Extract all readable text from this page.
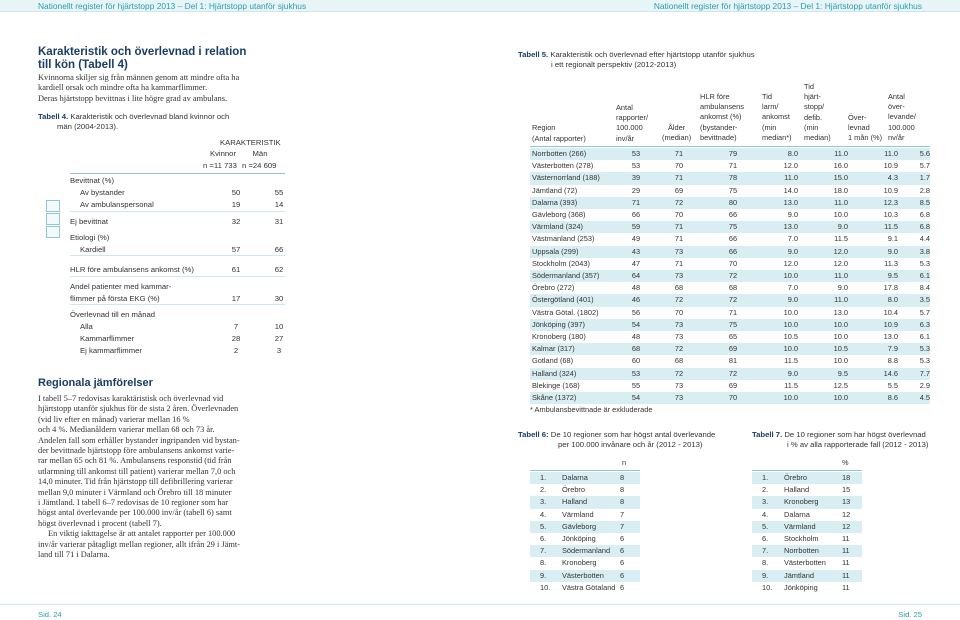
Nationellt register för hjärtstopp 2013 – Del 1: Hjärtstopp utanför sjukhus	Nationellt register för hjärtstopp 2013 – Del 1: Hjärtstopp utanför sjukhus
Karakteristik och överlevnad i relation till kön (Tabell 4)
Kvinnorna skiljer sig från männen genom att mindre ofta ha
kardiell orsak och mindre ofta ha kammarflimmer.
Deras hjärtstopp bevittnas i lite högre grad av ambulans.
Tabell 4. Karakteristik och överlevnad bland kvinnor och
män (2004-2013).
KARAKTERISTIK
Kvinnor	Män
n =11 733 n =24 609
Bevittnat (%)
Av bystander	50	55
Av ambulanspersonal	19	14
Ej bevittnat	32	31
Etiologi (%)
Kardiell	57	66
HLR före ambulansens ankomst (%)	61	62
Andel patienter med kammar-
flimmer på första EKG (%)	17	30
Överlevnad till en månad
Alla	7	10
Kammarflimmer	28	27
Ej kammarflimmer	2	3
Regionala jämförelser
I tabell 5–7 redovisas karaktäristisk och överlevnad vid
hjärtstopp utanför sjukhus för de sista 2 åren. Överlevnaden
(vid liv efter en månad) varierar mellan 16 %
och 4 %. Medianåldern varierar mellan 68 och 73 år.
Andelen fall som erhåller bystander ingripanden vid bystan-
der bevittnade hjärtstopp före ambulansens ankomst varie-
rar mellan 65 och 81 %. Ambulansens responstid (tid från
utlarmning till ankomst till patient) varierar mellan 7,0 och
14,0 minuter. Tid från hjärtstopp till defibrillering varierar
mellan 9,0 minuter i Värmland och Örebro till 18 minuter
i Jämtland. I tabell 6–7 redovisas de 10 regioner som har
högst antal överlevande per 100.000 inv/år (tabell 6) samt
högst överlevnad i procent (tabell 7).
En viktig iakttagelse är att antalet rapporter per 100.000
inv/år varierar påtagligt mellan regioner, allt ifrån 29 i Jämt-
land till 71 i Dalarna.
Tabell 5. Karakteristik och överlevnad efter hjärtstopp utanför sjukhus
i ett regionalt perspektiv (2012-2013)
Region
(Antal rapporter)
Antal
rapporter/
100.000
inv/år
Ålder
(median)
HLR före
ambulansens
ankomst (%)
(bystander-
bevittnade)
Tid
larm/
ankomst
(min
median*)
Tid
hjärt-
stopp/
defib.
(min
median)
Över-
levnad
1 mån (%)
Antal
över-
levande/
100.000
nv/år
Norrbotten (266)	53	71	79	8.0	11.0	11.0	5.6
Västerbotten (278)	53	70	71	12.0	16.0	10.9	5.7
Västernorrland (188)	39	71	78	11.0	15.0	4.3	1.7
Jämtland (72)	29	69	75	14.0	18.0	10.9	2.8
Dalarna (393)	71	72	80	13.0	11.0	12.3	8.5
Gävleborg (368)	66	70	66	9.0	10.0	10.3	6.8
Värmland (324)	59	71	75	13.0	9.0	11.5	6.8
Västmanland (253)	49	71	66	7.0	11.5	9.1	4.4
Uppsala (299)	43	73	66	9.0	12.0	9.0	3.8
Stockholm (2043)	47	71	70	12.0	12.0	11.3	5.3
Södermanland (357)	64	73	72	10.0	11.0	9.5	6.1
Örebro (272)	48	68	68	7.0	9.0	17.8	8.4
Östergötland (401)	46	72	72	9.0	11.0	8.0	3.5
Västra Götal. (1802)	56	70	71	10.0	13.0	10.4	5.7
Jönköping (397)	54	73	75	10.0	10.0	10.9	6.3
Kronoberg (180)	48	73	65	10.5	10.0	13.0	6.1
Kalmar (317)	68	72	69	10.0	10.5	7.9	5.3
Gotland (68)	60	68	81	11.5	10.0	8.8	5.3
Halland (324)	53	72	72	9.0	9.5	14.6	7.7
Blekinge (168)	55	73	69	11.5	12.5	5.5	2.9
Skåne (1372)	54	73	70	10.0	10.0	8.6	4.5
* Ambulansbevittnade är exkluderade
Tabell 6: De 10 regioner som har högst antal överlevande
per 100.000 invånare och år (2012 - 2013)
n
1. Dalarna	8
2. Örebro	8
3. Halland	8
4. Värmland	7
5. Gävleborg	7
6. Jönköping	6
7. Södermanland 6
8. Kronoberg	6
9. Västerbotten 6
10. Västra Götaland 6
Tabell 7. De 10 regioner som har högst överlevnad
i % av alla rapporterade fall (2012 - 2013)
%
1. Örebro	18
2. Halland	15
3. Kronoberg	13
4. Dalarna	12
5. Värmland	12
6. Stockholm	11
7. Norrbotten	11
8. Västerbotten 11
9. Jämtland	11
10. Jönköping	11
Sid. 24	Sid. 25
